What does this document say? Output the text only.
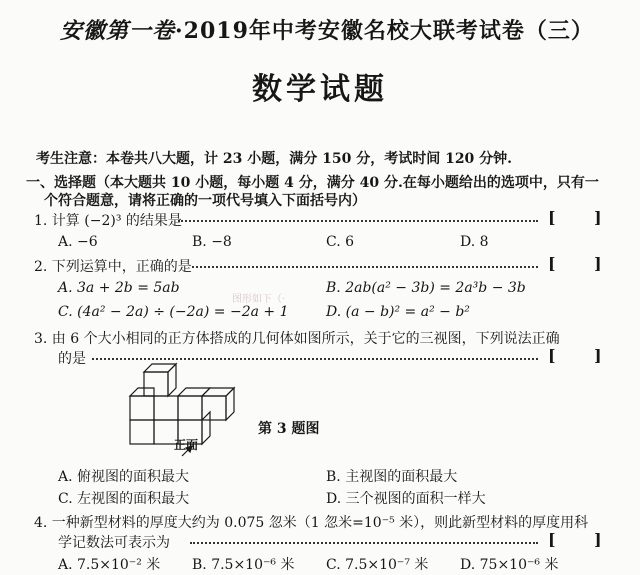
安徽第一卷·2019年中考安徽名校大联考试卷（三）
数学试题
考生注意：本卷共八大题，计 23 小题，满分 150 分，考试时间 120 分钟.
一、选择题（本大题共 10 小题，每小题 4 分，满分 40 分.在每小题给出的选项中，只有一
个符合题意，请将正确的一项代号填入下面括号内）
1. 计算 (−2)³ 的结果是	[ ]
A. −6	B. −8	C. 6	D. 8
2. 下列运算中，正确的是	[ ]
A. 3a + 2b = 5ab	B. 2ab(a² − 3b) = 2a³b − 3b
C. (4a² − 2a) ÷ (−2a) = −2a + 1	D. (a − b)² = a² − b²
图形如下（·
3. 由 6 个大小相同的正方体搭成的几何体如图所示，关于它的三视图，下列说法正确
的是	[ ]
正面
第 3 题图
A. 俯视图的面积最大	B. 主视图的面积最大
C. 左视图的面积最大	D. 三个视图的面积一样大
4. 一种新型材料的厚度大约为 0.075 忽米（1 忽米=10⁻⁵ 米），则此新型材料的厚度用科
学记数法可表示为	[ ]
A. 7.5×10⁻² 米 B. 7.5×10⁻⁶ 米 C. 7.5×10⁻⁷ 米 D. 75×10⁻⁶ 米
